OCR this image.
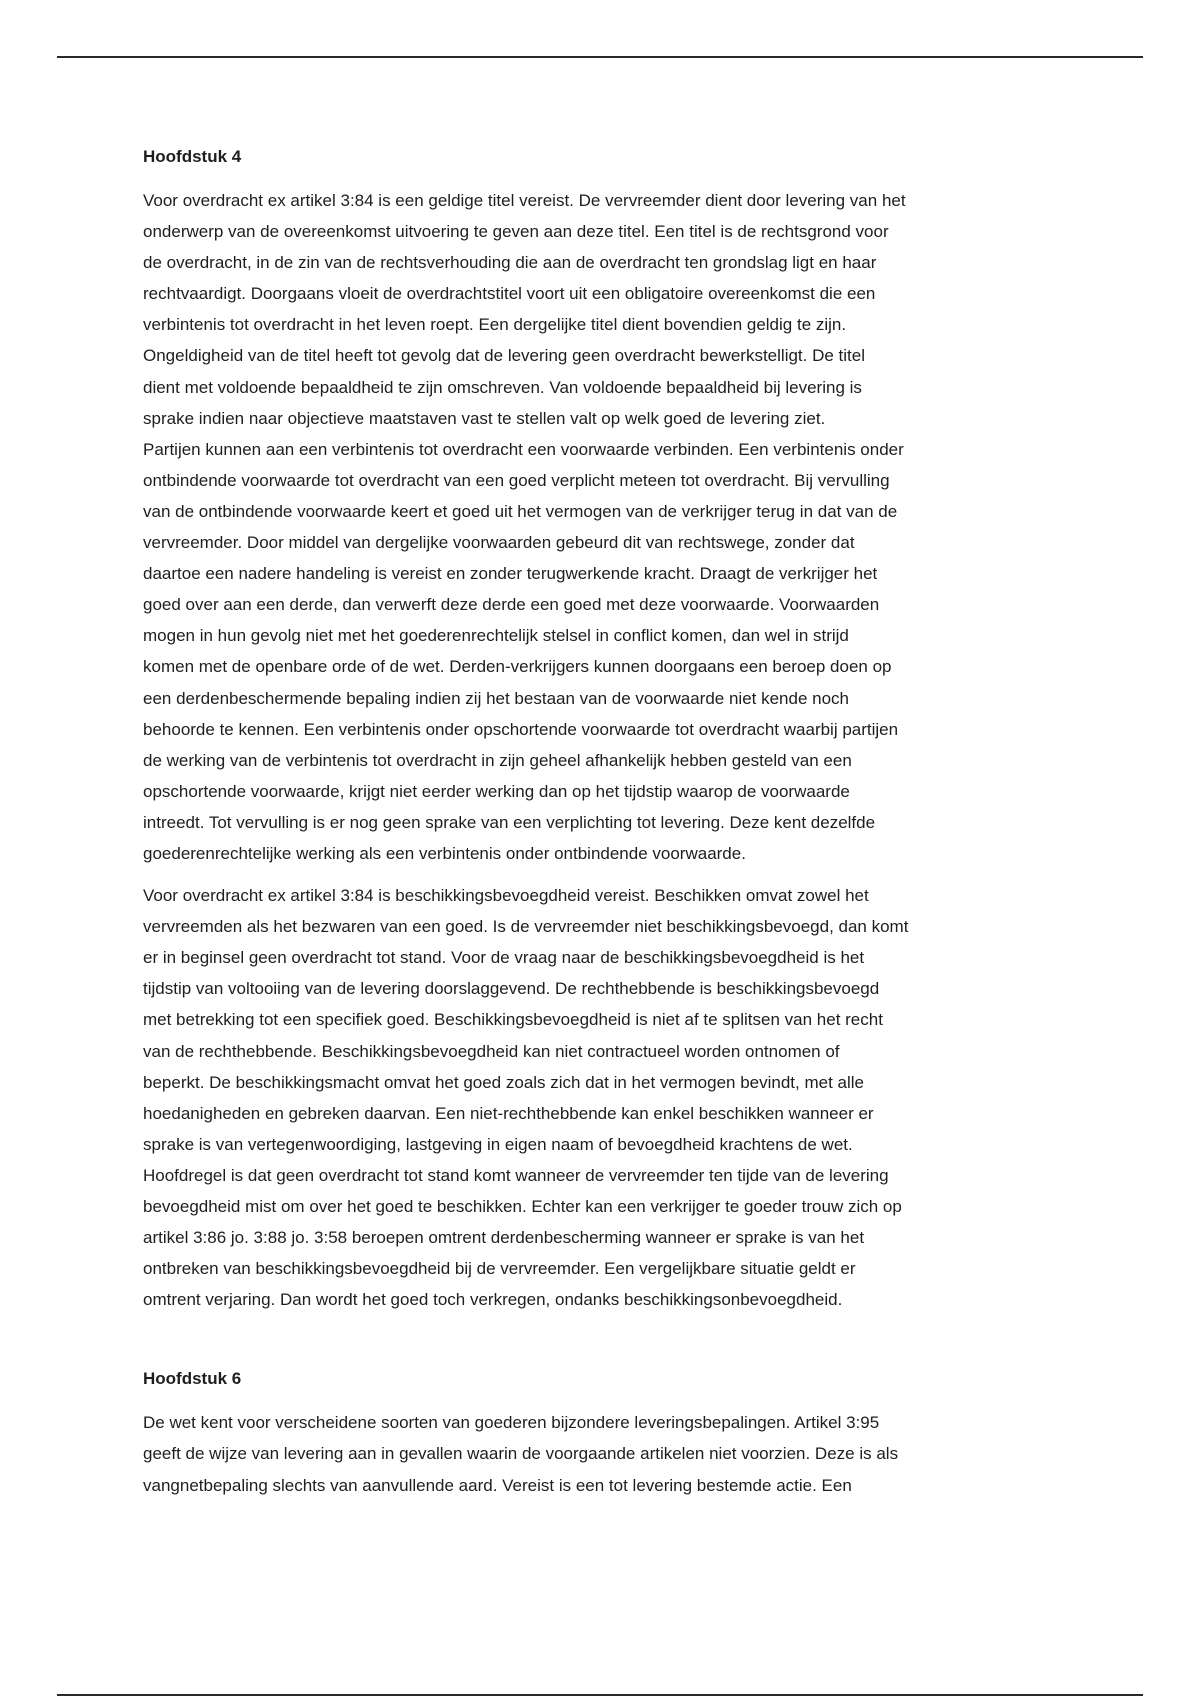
Hoofdstuk 4
Voor overdracht ex artikel 3:84 is een geldige titel vereist. De vervreemder dient door levering van het
onderwerp van de overeenkomst uitvoering te geven aan deze titel. Een titel is de rechtsgrond voor
de overdracht, in de zin van de rechtsverhouding die aan de overdracht ten grondslag ligt en haar
rechtvaardigt. Doorgaans vloeit de overdrachtstitel voort uit een obligatoire overeenkomst die een
verbintenis tot overdracht in het leven roept. Een dergelijke titel dient bovendien geldig te zijn.
Ongeldigheid van de titel heeft tot gevolg dat de levering geen overdracht bewerkstelligt. De titel
dient met voldoende bepaaldheid te zijn omschreven. Van voldoende bepaaldheid bij levering is
sprake indien naar objectieve maatstaven vast te stellen valt op welk goed de levering ziet.
Partijen kunnen aan een verbintenis tot overdracht een voorwaarde verbinden. Een verbintenis onder
ontbindende voorwaarde tot overdracht van een goed verplicht meteen tot overdracht. Bij vervulling
van de ontbindende voorwaarde keert et goed uit het vermogen van de verkrijger terug in dat van de
vervreemder. Door middel van dergelijke voorwaarden gebeurd dit van rechtswege, zonder dat
daartoe een nadere handeling is vereist en zonder terugwerkende kracht. Draagt de verkrijger het
goed over aan een derde, dan verwerft deze derde een goed met deze voorwaarde. Voorwaarden
mogen in hun gevolg niet met het goederenrechtelijk stelsel in conflict komen, dan wel in strijd
komen met de openbare orde of de wet. Derden-verkrijgers kunnen doorgaans een beroep doen op
een derdenbeschermende bepaling indien zij het bestaan van de voorwaarde niet kende noch
behoorde te kennen. Een verbintenis onder opschortende voorwaarde tot overdracht waarbij partijen
de werking van de verbintenis tot overdracht in zijn geheel afhankelijk hebben gesteld van een
opschortende voorwaarde, krijgt niet eerder werking dan op het tijdstip waarop de voorwaarde
intreedt. Tot vervulling is er nog geen sprake van een verplichting tot levering. Deze kent dezelfde
goederenrechtelijke werking als een verbintenis onder ontbindende voorwaarde.
Voor overdracht ex artikel 3:84 is beschikkingsbevoegdheid vereist. Beschikken omvat zowel het
vervreemden als het bezwaren van een goed. Is de vervreemder niet beschikkingsbevoegd, dan komt
er in beginsel geen overdracht tot stand. Voor de vraag naar de beschikkingsbevoegdheid is het
tijdstip van voltooiing van de levering doorslaggevend. De rechthebbende is beschikkingsbevoegd
met betrekking tot een specifiek goed. Beschikkingsbevoegdheid is niet af te splitsen van het recht
van de rechthebbende. Beschikkingsbevoegdheid kan niet contractueel worden ontnomen of
beperkt. De beschikkingsmacht omvat het goed zoals zich dat in het vermogen bevindt, met alle
hoedanigheden en gebreken daarvan. Een niet-rechthebbende kan enkel beschikken wanneer er
sprake is van vertegenwoordiging, lastgeving in eigen naam of bevoegdheid krachtens de wet.
Hoofdregel is dat geen overdracht tot stand komt wanneer de vervreemder ten tijde van de levering
bevoegdheid mist om over het goed te beschikken. Echter kan een verkrijger te goeder trouw zich op
artikel 3:86 jo. 3:88 jo. 3:58 beroepen omtrent derdenbescherming wanneer er sprake is van het
ontbreken van beschikkingsbevoegdheid bij de vervreemder. Een vergelijkbare situatie geldt er
omtrent verjaring. Dan wordt het goed toch verkregen, ondanks beschikkingsonbevoegdheid.
Hoofdstuk 6
De wet kent voor verscheidene soorten van goederen bijzondere leveringsbepalingen. Artikel 3:95
geeft de wijze van levering aan in gevallen waarin de voorgaande artikelen niet voorzien. Deze is als
vangnetbepaling slechts van aanvullende aard. Vereist is een tot levering bestemde actie. Een
